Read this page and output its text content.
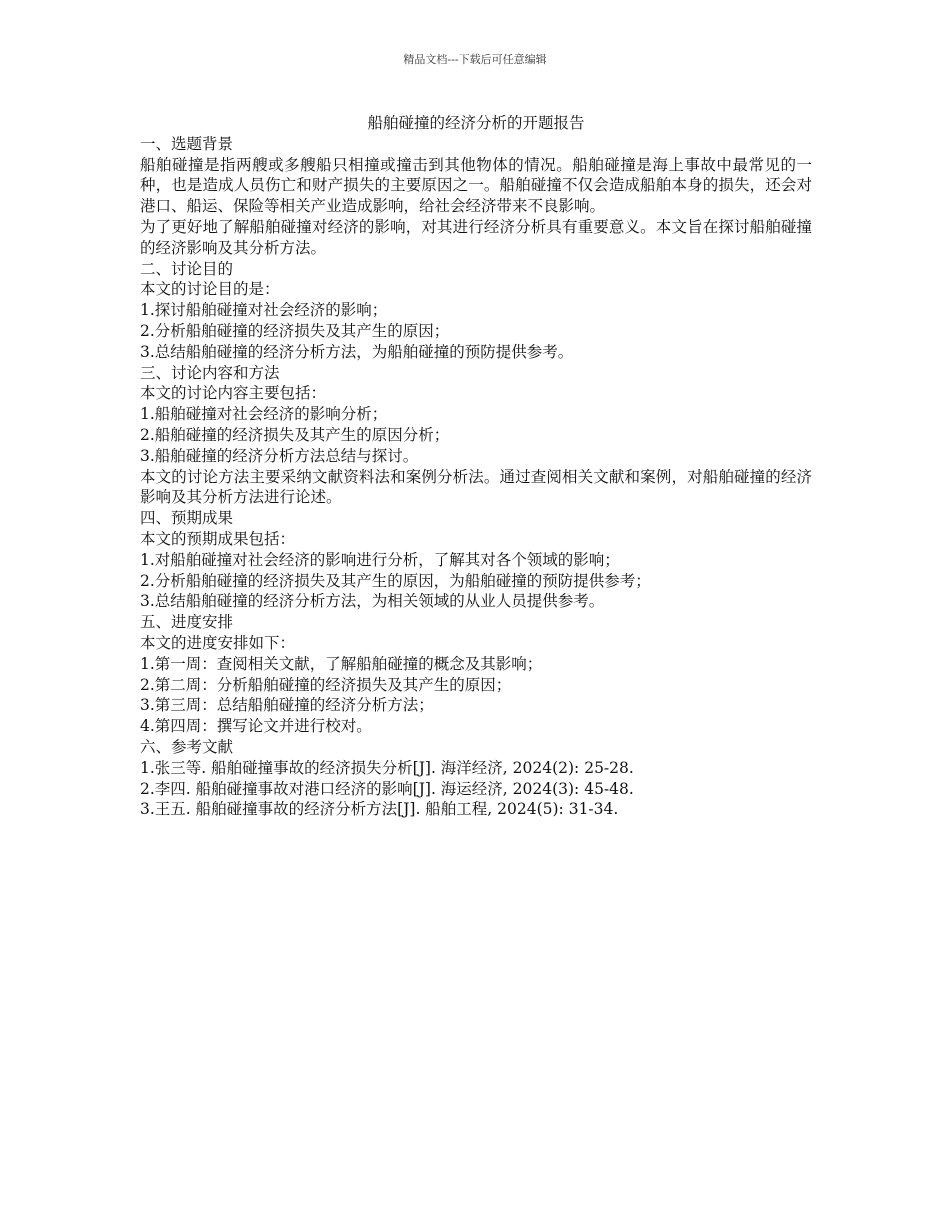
精品文档---下载后可任意编辑
船舶碰撞的经济分析的开题报告
一、选题背景

船舶碰撞是指两艘或多艘船只相撞或撞击到其他物体的情况。船舶碰撞是海上事故中最常见的一种，也是造成人员伤亡和财产损失的主要原因之一。船舶碰撞不仅会造成船舶本身的损失，还会对港口、船运、保险等相关产业造成影响，给社会经济带来不良影响。

为了更好地了解船舶碰撞对经济的影响，对其进行经济分析具有重要意义。本文旨在探讨船舶碰撞的经济影响及其分析方法。

二、讨论目的
本文的讨论目的是：
1.探讨船舶碰撞对社会经济的影响；
2.分析船舶碰撞的经济损失及其产生的原因；
3.总结船舶碰撞的经济分析方法，为船舶碰撞的预防提供参考。
三、讨论内容和方法
本文的讨论内容主要包括：
1.船舶碰撞对社会经济的影响分析；
2.船舶碰撞的经济损失及其产生的原因分析；
3.船舶碰撞的经济分析方法总结与探讨。

本文的讨论方法主要采纳文献资料法和案例分析法。通过查阅相关文献和案例，对船舶碰撞的经济影响及其分析方法进行论述。

四、预期成果
本文的预期成果包括：
1.对船舶碰撞对社会经济的影响进行分析，了解其对各个领域的影响；
2.分析船舶碰撞的经济损失及其产生的原因，为船舶碰撞的预防提供参考；
3.总结船舶碰撞的经济分析方法，为相关领域的从业人员提供参考。
五、进度安排
本文的进度安排如下：
1.第一周：查阅相关文献，了解船舶碰撞的概念及其影响；
2.第二周：分析船舶碰撞的经济损失及其产生的原因；
3.第三周：总结船舶碰撞的经济分析方法；
4.第四周：撰写论文并进行校对。
六、参考文献
1.张三等. 船舶碰撞事故的经济损失分析[J]. 海洋经济, 2024(2): 25-28.
2.李四. 船舶碰撞事故对港口经济的影响[J]. 海运经济, 2024(3): 45-48.
3.王五. 船舶碰撞事故的经济分析方法[J]. 船舶工程, 2024(5): 31-34.
